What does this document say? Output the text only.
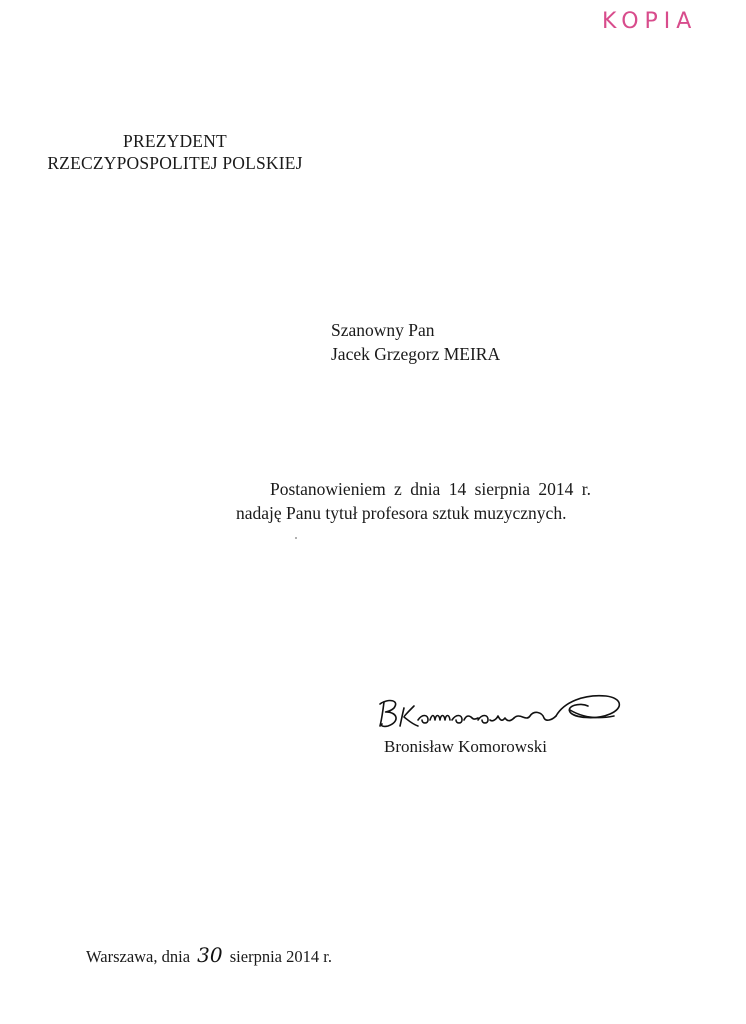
KOPIA
PREZYDENT
RZECZYPOSPOLITEJ POLSKIEJ
Szanowny Pan
Jacek Grzegorz MEIRA
Postanowieniem z dnia 14 sierpnia 2014 r.
nadaję Panu tytuł profesora sztuk muzycznych.
Bronisław Komorowski
Warszawa, dnia 30 sierpnia 2014 r.
